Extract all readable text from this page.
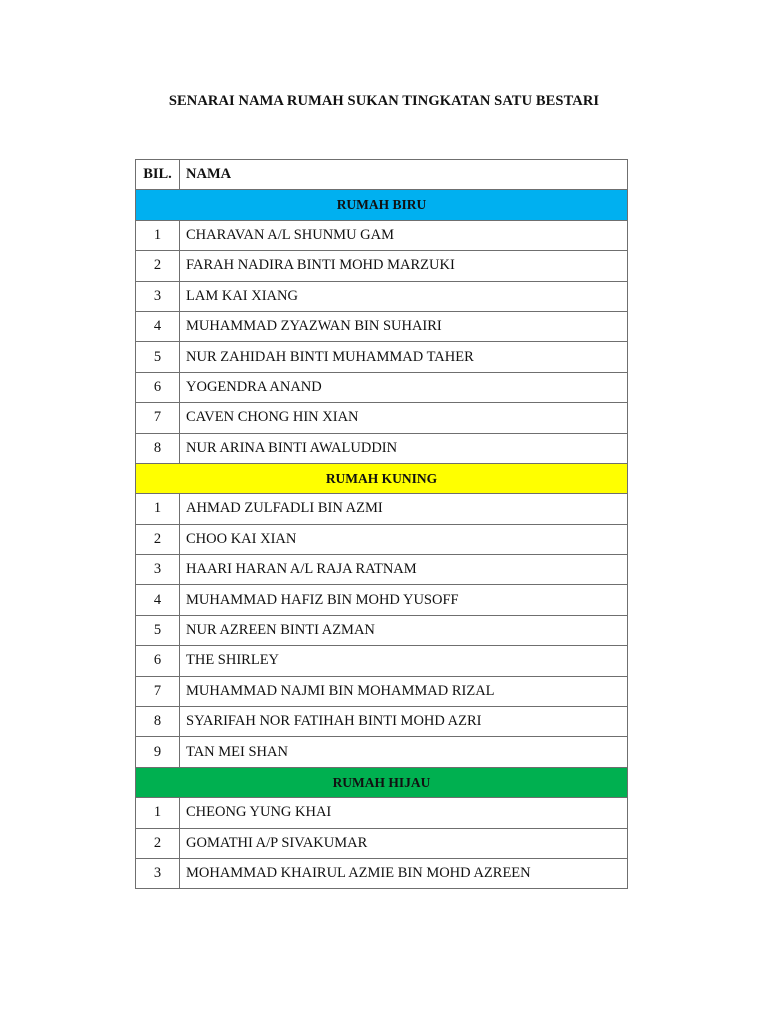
SENARAI NAMA RUMAH SUKAN TINGKATAN SATU BESTARI
BIL.	NAMA
RUMAH BIRU	
1	CHARAVAN A/L SHUNMU GAM
2	FARAH NADIRA BINTI MOHD MARZUKI
3	LAM KAI XIANG
4	MUHAMMAD ZYAZWAN BIN SUHAIRI
5	NUR ZAHIDAH BINTI MUHAMMAD TAHER
6	YOGENDRA ANAND
7	CAVEN CHONG HIN XIAN
8	NUR ARINA BINTI AWALUDDIN
RUMAH KUNING	
1	AHMAD ZULFADLI BIN AZMI
2	CHOO KAI XIAN
3	HAARI HARAN A/L RAJA RATNAM
4	MUHAMMAD HAFIZ BIN MOHD YUSOFF
5	NUR AZREEN BINTI AZMAN
6	THE SHIRLEY
7	MUHAMMAD NAJMI BIN MOHAMMAD RIZAL
8	SYARIFAH NOR FATIHAH BINTI MOHD AZRI
9	TAN MEI SHAN
RUMAH HIJAU	
1	CHEONG YUNG KHAI
2	GOMATHI A/P SIVAKUMAR
3	MOHAMMAD KHAIRUL AZMIE BIN MOHD AZREEN
